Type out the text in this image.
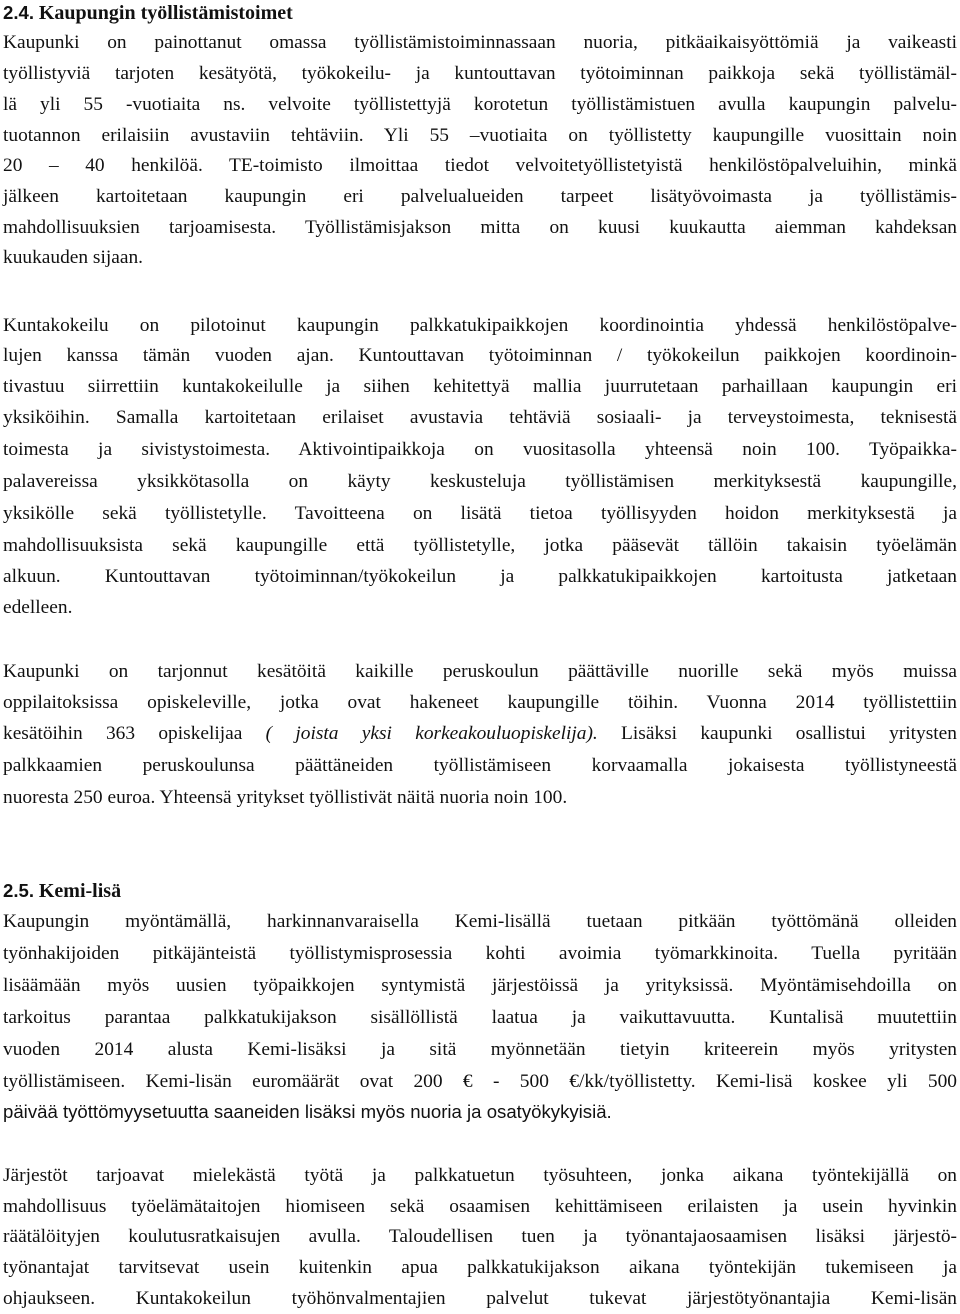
2.4. Kaupungin työllistämistoimet
Kaupunki on painottanut omassa työllistämistoiminnassaan nuoria, pitkäaikaisyöttömiä ja vaikeasti
työllistyviä tarjoten kesätyötä, työkokeilu- ja kuntouttavan työtoiminnan paikkoja sekä työllistämäl-
lä yli 55 -vuotiaita ns. velvoite työllistettyjä korotetun työllistämistuen avulla kaupungin palvelu-
tuotannon erilaisiin avustaviin tehtäviin. Yli 55 –vuotiaita on työllistetty kaupungille vuosittain noin
20 – 40 henkilöä. TE-toimisto ilmoittaa tiedot velvoitetyöllistetyistä henkilöstöpalveluihin, minkä
jälkeen kartoitetaan kaupungin eri palvelualueiden tarpeet lisätyövoimasta ja työllistämis-
mahdollisuuksien tarjoamisesta. Työllistämisjakson mitta on kuusi kuukautta aiemman kahdeksan
kuukauden sijaan.
Kuntakokeilu on pilotoinut kaupungin palkkatukipaikkojen koordinointia yhdessä henkilöstöpalve-
lujen kanssa tämän vuoden ajan. Kuntouttavan työtoiminnan / työkokeilun paikkojen koordinoin-
tivastuu siirrettiin kuntakokeilulle ja siihen kehitettyä mallia juurrutetaan parhaillaan kaupungin eri
yksiköihin. Samalla kartoitetaan erilaiset avustavia tehtäviä sosiaali- ja terveystoimesta, teknisestä
toimesta ja sivistystoimesta. Aktivointipaikkoja on vuositasolla yhteensä noin 100. Työpaikka-
palavereissa yksikkötasolla on käyty keskusteluja työllistämisen merkityksestä kaupungille,
yksikölle sekä työllistetylle. Tavoitteena on lisätä tietoa työllisyyden hoidon merkityksestä ja
mahdollisuuksista sekä kaupungille että työllistetylle, jotka pääsevät tällöin takaisin työelämän
alkuun. Kuntouttavan työtoiminnan/työkokeilun ja palkkatukipaikkojen kartoitusta jatketaan
edelleen.
Kaupunki on tarjonnut kesätöitä kaikille peruskoulun päättäville nuorille sekä myös muissa
oppilaitoksissa opiskeleville, jotka ovat hakeneet kaupungille töihin. Vuonna 2014 työllistettiin
kesätöihin 363 opiskelijaa ( joista yksi korkeakouluopiskelija). Lisäksi kaupunki osallistui yritysten
palkkaamien peruskoulunsa päättäneiden työllistämiseen korvaamalla jokaisesta työllistyneestä
nuoresta 250 euroa. Yhteensä yritykset työllistivät näitä nuoria noin 100.
2.5. Kemi-lisä
Kaupungin myöntämällä, harkinnanvaraisella Kemi-lisällä tuetaan pitkään työttömänä olleiden
työnhakijoiden pitkäjänteistä työllistymisprosessia kohti avoimia työmarkkinoita. Tuella pyritään
lisäämään myös uusien työpaikkojen syntymistä järjestöissä ja yrityksissä. Myöntämisehdoilla on
tarkoitus parantaa palkkatukijakson sisällöllistä laatua ja vaikuttavuutta. Kuntalisä muutettiin
vuoden 2014 alusta Kemi-lisäksi ja sitä myönnetään tietyin kriteerein myös yritysten
työllistämiseen. Kemi-lisän euromäärät ovat 200 € - 500 €/kk/työllistetty. Kemi-lisä koskee yli 500
päivää työttömyysetuutta saaneiden lisäksi myös nuoria ja osatyökykyisiä.
Järjestöt tarjoavat mielekästä työtä ja palkkatuetun työsuhteen, jonka aikana työntekijällä on
mahdollisuus työelämätaitojen hiomiseen sekä osaamisen kehittämiseen erilaisten ja usein hyvinkin
räätälöityjen koulutusratkaisujen avulla. Taloudellisen tuen ja työnantajaosaamisen lisäksi järjestö-
työnantajat tarvitsevat usein kuitenkin apua palkkatukijakson aikana työntekijän tukemiseen ja
ohjaukseen. Kuntakokeilun työhönvalmentajien palvelut tukevat järjestötyönantajia Kemi-lisän
